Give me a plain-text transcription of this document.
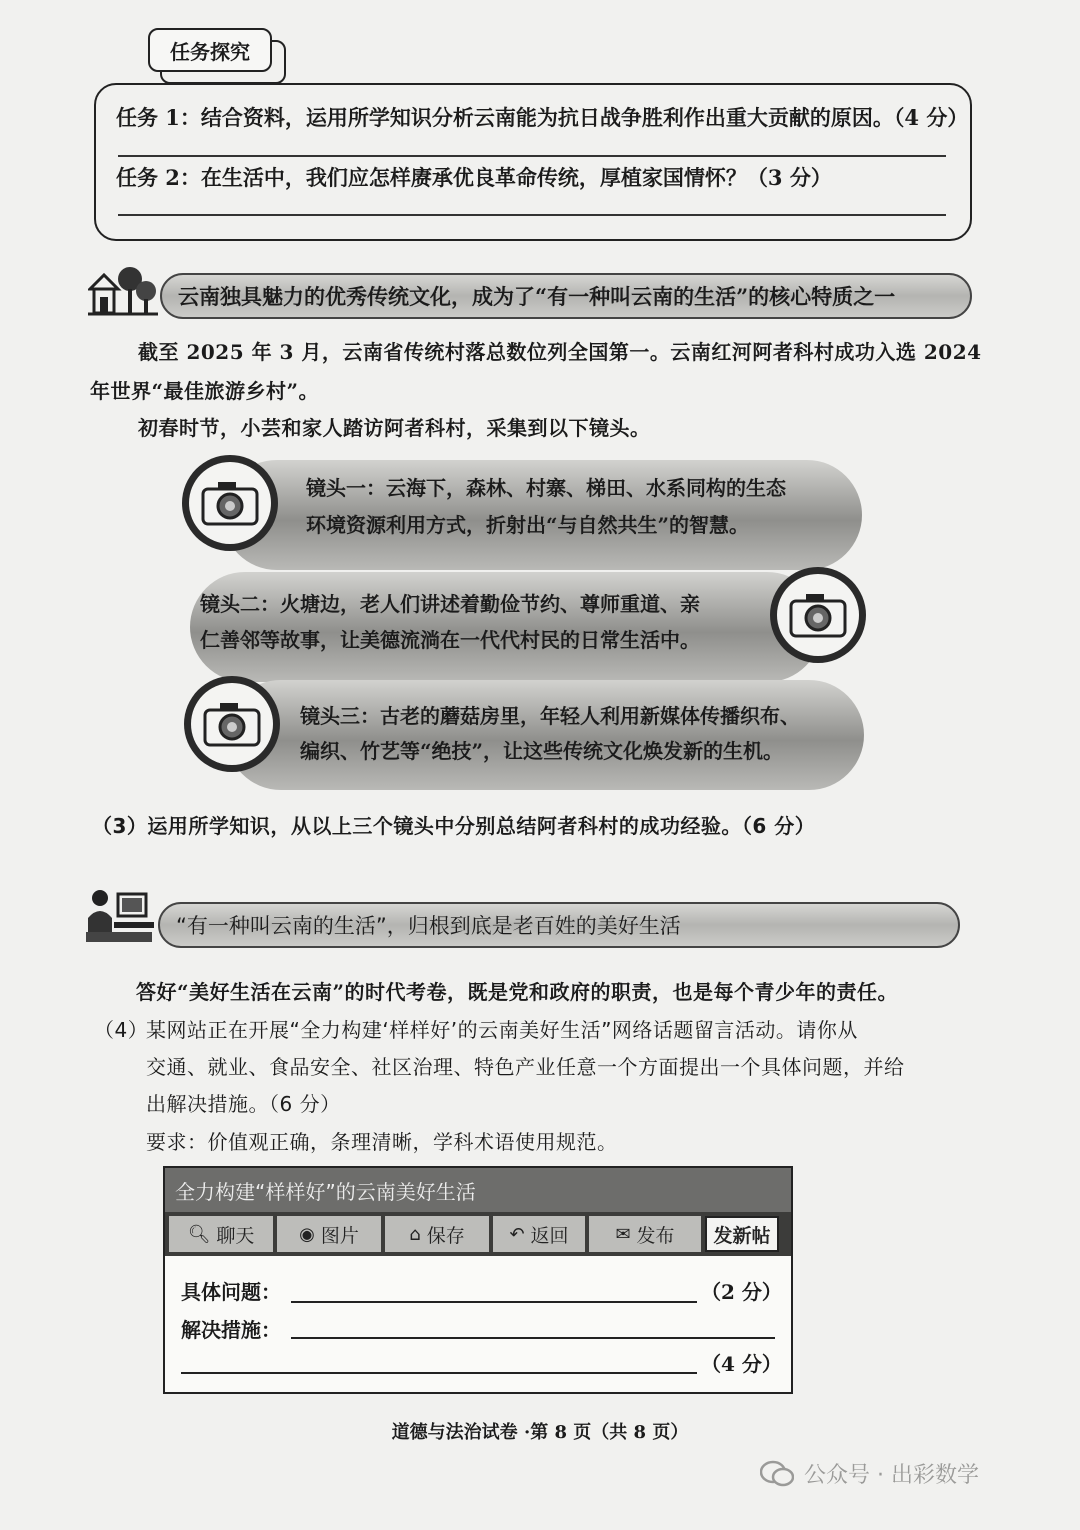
任务探究
任务 1：结合资料，运用所学知识分析云南能为抗日战争胜利作出重大贡献的原因。（4 分）
任务 2：在生活中，我们应怎样赓承优良革命传统，厚植家国情怀？（3 分）
云南独具魅力的优秀传统文化，成为了“有一种叫云南的生活”的核心特质之一
截至 2025 年 3 月，云南省传统村落总数位列全国第一。云南红河阿者科村成功入选 2024
年世界“最佳旅游乡村”。
初春时节，小芸和家人踏访阿者科村，采集到以下镜头。
镜头一：云海下，森林、村寨、梯田、水系同构的生态
环境资源利用方式，折射出“与自然共生”的智慧。
镜头二：火塘边，老人们讲述着勤俭节约、尊师重道、亲
仁善邻等故事，让美德流淌在一代代村民的日常生活中。
镜头三：古老的蘑菇房里，年轻人利用新媒体传播织布、
编织、竹艺等“绝技”，让这些传统文化焕发新的生机。
（3）运用所学知识，从以上三个镜头中分别总结阿者科村的成功经验。（6 分）
“有一种叫云南的生活”，归根到底是老百姓的美好生活
答好“美好生活在云南”的时代考卷，既是党和政府的职责，也是每个青少年的责任。
（4）
某网站正在开展“全力构建‘样样好’的云南美好生活”网络话题留言活动。请你从
交通、就业、食品安全、社区治理、特色产业任意一个方面提出一个具体问题，并给
出解决措施。（6 分）
要求：价值观正确，条理清晰，学科术语使用规范。
全力构建“样样好”的云南美好生活
🔍︎ 聊天 ◉ 图片	⌂ 保存 ↶ 返回	✉ 发布	发新帖
具体问题：	（2 分）
解决措施：
（4 分）
道德与法治试卷 ·第 8 页（共 8 页）
公众号 · 出彩数学
